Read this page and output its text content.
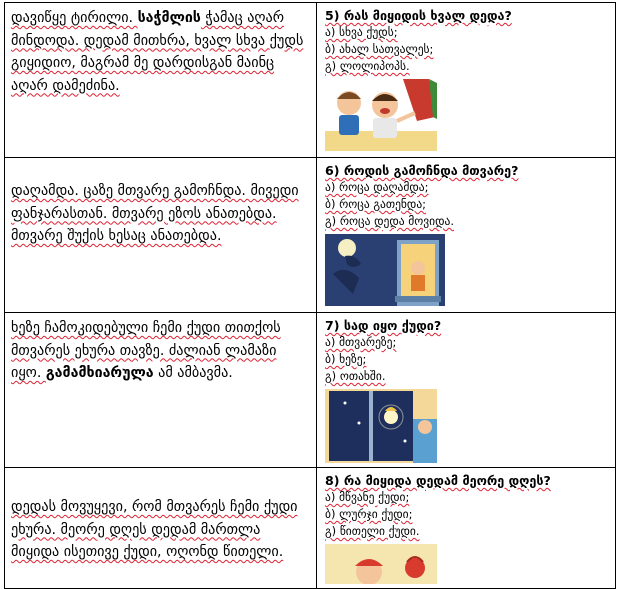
დავიწყე ტირილი. საჭმლის ჭამაც აღარ მინდოდა. დედამ მითხრა, ხვალ სხვა ქუდს გიყიდიო, მაგრამ მე დარდისგან მაინც აღარ დამეძინა.	5) რას მიყიდის ხვალ დედა?
ა) სხვა ქუდს;
ბ) ახალ სათვალეს;
გ) ლოლიპოპს.

დაღამდა. ცაზე მთვარე გამოჩნდა. მივედი ფანჯარასთან. მთვარე ეზოს ანათებდა. მთვარე შუქის ხესაც ანათებდა.	6) როდის გამოჩნდა მთვარე?
ა) როცა დაღამდა;
ბ) როცა გათენდა;
გ) როცა დედა მოვიდა.

ხეზე ჩამოკიდებული ჩემი ქუდი თითქოს მთვარეს ეხურა თავზე. ძალიან ლამაზი იყო. გამამხიარულა ამ ამბავმა.	7) სად იყო ქუდი?
ა) მთვარეზე;
ბ) ხეზე;
გ) ოთახში.

დედას მოვუყევი, რომ მთვარეს ჩემი ქუდი ეხურა. მეორე დღეს დედამ მართლა მიყიდა ისეთივე ქუდი, ოღონდ წითელი.	8) რა მიყიდა დედამ მეორე დღეს?
ა) მწვანე ქუდი;
ბ) ლურჯი ქუდი;
გ) წითელი ქუდი.
